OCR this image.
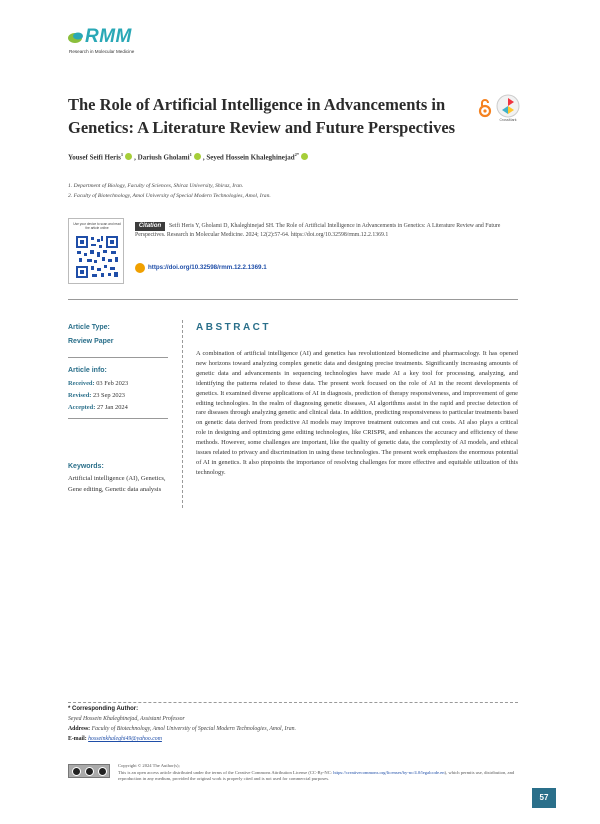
RMM
Research in Molecular Medicine
The Role of Artificial Intelligence in Advancements in Genetics: A Literature Review and Future Perspectives	CrossMark
Yousef Seifi Heris$^1$ , Dariush Gholami$^1$ , Seyed Hossein Khaleghinejad$^{2*}$
1. Department of Biology, Faculty of Sciences, Shiraz University, Shiraz, Iran.
2. Faculty of Biotechnology, Amol University of Special Modern Technologies, Amol, Iran.
Use your device to scan and read the article online	Seifi Heris Y, Gholami D, Khaleghinejad SH. The Role of Artificial Intelligence in Advancements in Genetics: A Literature Review and Future Perspectives. Research in Molecular Medicine. 2024; 12(2):57-64. https://doi.org/10.32598/rmm.12.2.1369.1
Citation
https://doi.org/10.32598/rmm.12.2.1369.1
Article Type:
Review Paper
Article info:
Received: 03 Feb 2023
Revised: 23 Sep 2023
Accepted: 27 Jan 2024
Keywords:
Artificial intelligence (AI), Genetics, Gene editing, Genetic data analysis
ABSTRACT
A combination of artificial intelligence (AI) and genetics has revolutionized biomedicine and pharmacology. It has opened new horizons toward analyzing complex genetic data and designing precise treatments. Significantly increasing amounts of genetic data and advancements in sequencing technologies have made AI a key tool for processing, analyzing, and identifying the patterns related to these data. The present work focused on the role of AI in the recent developments of genetics. It examined diverse applications of AI in diagnosis, prediction of therapy responsiveness, and improvement of gene editing technologies. In the realm of diagnosing genetic diseases, AI algorithms assist in the rapid and precise detection of rare diseases through analyzing genetic and clinical data. In addition, predicting responsiveness to particular treatments based on genetic data derived from predictive AI models may improve treatment outcomes and cut costs. AI also plays a critical role in designing and optimizing gene editing technologies, like CRISPR, and enhances the accuracy and efficiency of these methods. However, some challenges are important, like the quality of genetic data, the complexity of AI models, and ethical issues related to privacy and discrimination in using these technologies. The present work emphasizes the enormous potential of AI in genetics. It also pinpoints the importance of resolving challenges for more effective and equitable utilization of this technology.
* Corresponding Author:
Seyed Hossein Khaleghinejad, Assistant Professor
Address: Faculty of Biotechnology, Amol University of Special Modern Technologies, Amol, Iran.
E-mail: hosseinkhaleghi49@yahoo.com
Copyright © 2024 The Author(s);
This is an open access article distributed under the terms of the Creative Commons Attribution License (CC-By-NC: https://creativecommons.org/licenses/by-nc/4.0/legalcode.en), which permits use, distribution, and reproduction in any medium, provided the original work is properly cited and is not used for commercial purposes.
57
